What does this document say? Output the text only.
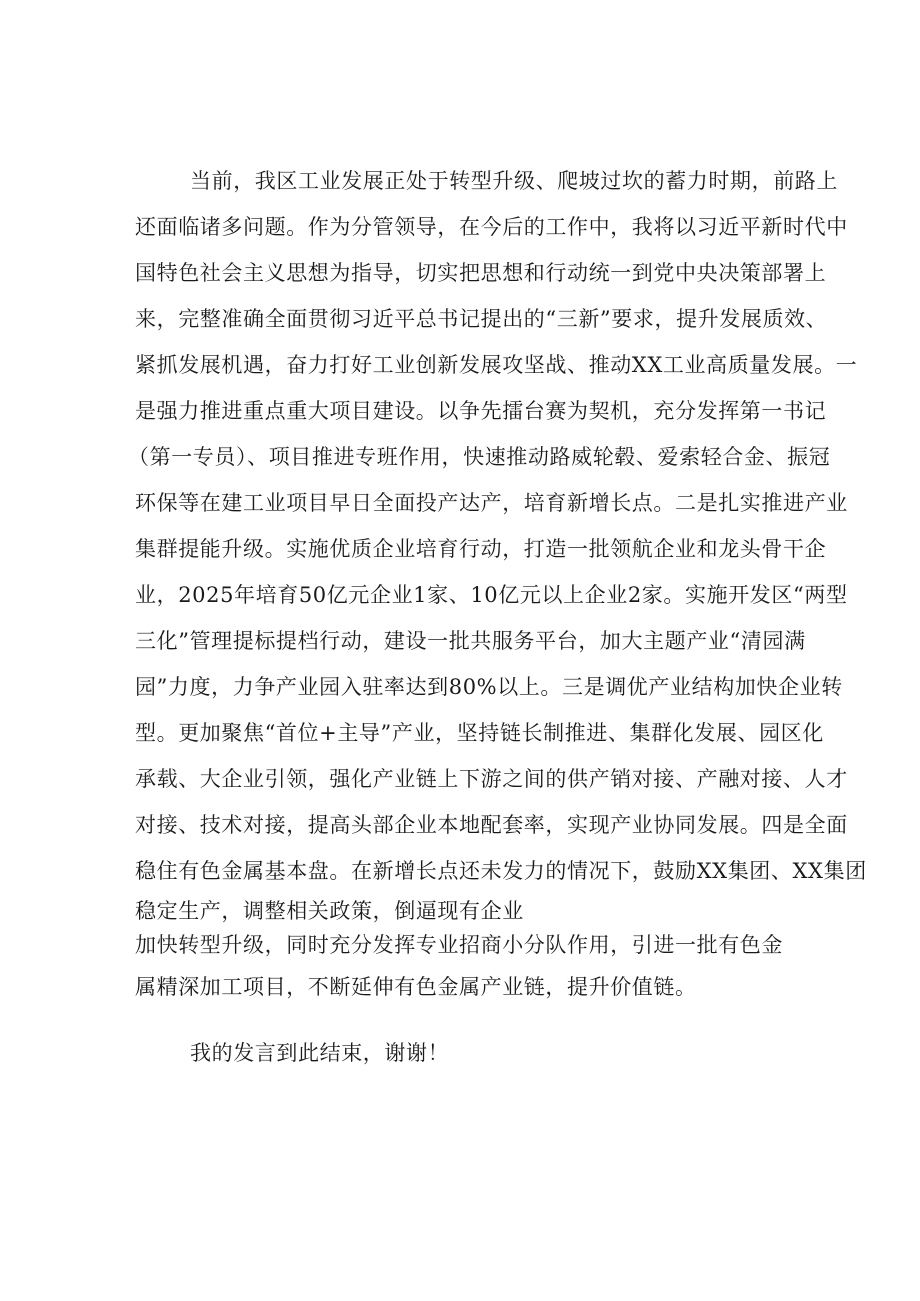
当前，我区工业发展正处于转型升级、爬坡过坎的蓄力时期，前路上
还面临诸多问题。作为分管领导，在今后的工作中，我将以习近平新时代中
国特色社会主义思想为指导，切实把思想和行动统一到党中央决策部署上
来，完整准确全面贯彻习近平总书记提出的“三新”要求，提升发展质效、
紧抓发展机遇，奋力打好工业创新发展攻坚战、推动XX工业高质量发展。一
是强力推进重点重大项目建设。以争先擂台赛为契机，充分发挥第一书记
（第一专员）、项目推进专班作用，快速推动路威轮毂、爱索轻合金、振冠
环保等在建工业项目早日全面投产达产，培育新增长点。二是扎实推进产业
集群提能升级。实施优质企业培育行动，打造一批领航企业和龙头骨干企
业，2025年培育50亿元企业1家、10亿元以上企业2家。实施开发区“两型
三化”管理提标提档行动，建设一批共服务平台，加大主题产业“清园满
园”力度，力争产业园入驻率达到80%以上。三是调优产业结构加快企业转
型。更加聚焦“首位+主导”产业，坚持链长制推进、集群化发展、园区化
承载、大企业引领，强化产业链上下游之间的供产销对接、产融对接、人才
对接、技术对接，提高头部企业本地配套率，实现产业协同发展。四是全面
稳住有色金属基本盘。在新增长点还未发力的情况下，鼓励XX集团、XX集团
稳定生产，调整相关政策，倒逼现有企业
加快转型升级，同时充分发挥专业招商小分队作用，引进一批有色金
属精深加工项目，不断延伸有色金属产业链，提升价值链。
我的发言到此结束，谢谢！
